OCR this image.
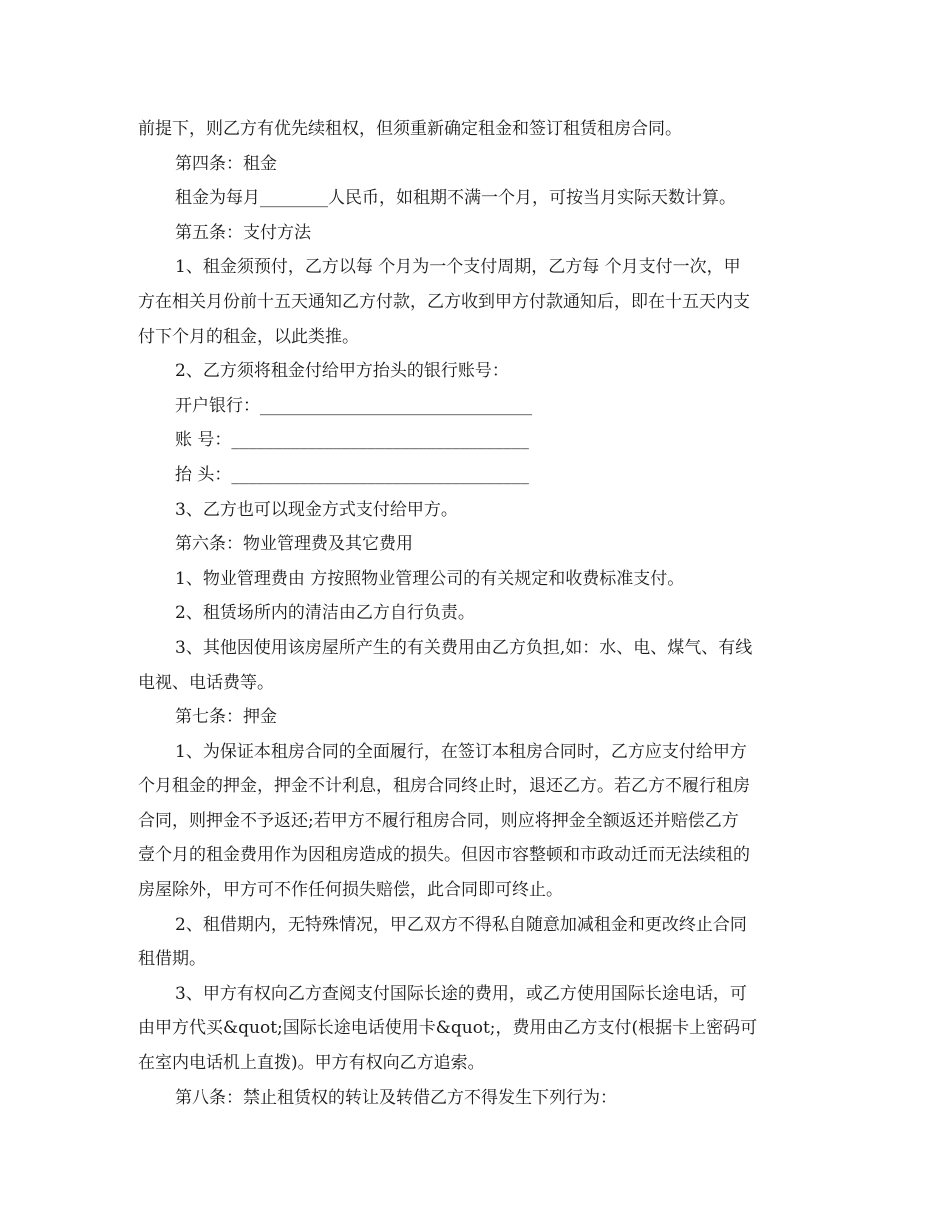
前提下，则乙方有优先续租权，但须重新确定租金和签订租赁租房合同。
第四条：租金
租金为每月________人民币，如租期不满一个月，可按当月实际天数计算。
第五条：支付方法
1、租金须预付，乙方以每 个月为一个支付周期，乙方每 个月支付一次，甲
方在相关月份前十五天通知乙方付款，乙方收到甲方付款通知后，即在十五天内支
付下个月的租金，以此类推。
2、乙方须将租金付给甲方抬头的银行账号：
开户银行：________________________________
账 号：___________________________________
抬 头：___________________________________
3、乙方也可以现金方式支付给甲方。
第六条：物业管理费及其它费用
1、物业管理费由 方按照物业管理公司的有关规定和收费标准支付。
2、租赁场所内的清洁由乙方自行负责。
3、其他因使用该房屋所产生的有关费用由乙方负担,如：水、电、煤气、有线
电视、电话费等。
第七条：押金
1、为保证本租房合同的全面履行，在签订本租房合同时，乙方应支付给甲方
个月租金的押金，押金不计利息，租房合同终止时，退还乙方。若乙方不履行租房
合同，则押金不予返还;若甲方不履行租房合同，则应将押金全额返还并赔偿乙方
壹个月的租金费用作为因租房造成的损失。但因市容整顿和市政动迁而无法续租的
房屋除外，甲方可不作任何损失赔偿，此合同即可终止。
2、租借期内，无特殊情况，甲乙双方不得私自随意加减租金和更改终止合同
租借期。
3、甲方有权向乙方查阅支付国际长途的费用，或乙方使用国际长途电话，可
由甲方代买&quot;国际长途电话使用卡&quot;，费用由乙方支付(根据卡上密码可
在室内电话机上直拨)。甲方有权向乙方追索。
第八条：禁止租赁权的转让及转借乙方不得发生下列行为：
